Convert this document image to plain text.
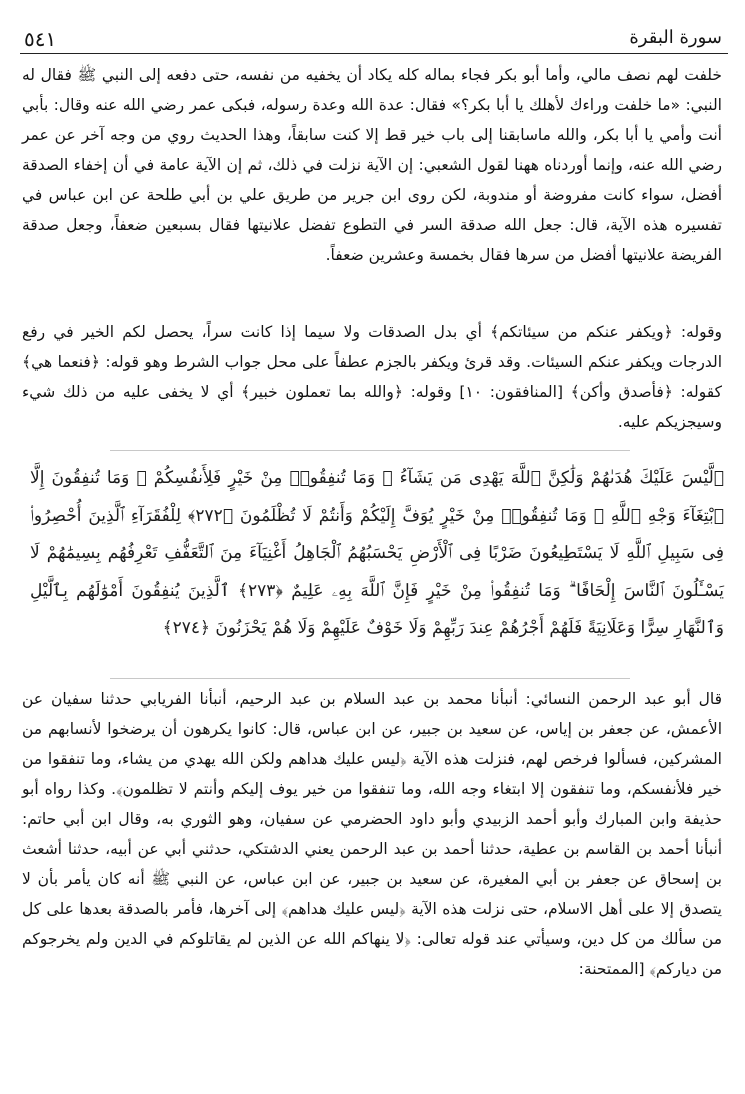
٥٤١	سورة البقرة

خلفت لهم نصف مالي، وأما أبو بكر فجاء بماله كله يكاد أن يخفيه من نفسه، حتى دفعه إلى النبي ﷺ فقال له النبي: «ما خلفت وراءك لأهلك يا أبا بكر؟» فقال: عدة الله وعدة رسوله، فبكى عمر رضي الله عنه وقال: بأبي أنت وأمي يا أبا بكر، والله ماسابقنا إلى باب خير قط إلا كنت سابقاً، وهذا الحديث روي من وجه آخر عن عمر رضي الله عنه، وإنما أوردناه ههنا لقول الشعبي: إن الآية نزلت في ذلك، ثم إن الآية عامة في أن إخفاء الصدقة أفضل، سواء كانت مفروضة أو مندوبة، لكن روى ابن جرير من طريق علي بن أبي طلحة عن ابن عباس في تفسيره هذه الآية، قال: جعل الله صدقة السر في التطوع تفضل علانيتها فقال بسبعين ضعفاً، وجعل صدقة الفريضة علانيتها أفضل من سرها فقال بخمسة وعشرين ضعفاً.

وقوله: ﴿ويكفر عنكم من سيئاتكم﴾ أي بدل الصدقات ولا سيما إذا كانت سراً، يحصل لكم الخير في رفع الدرجات ويكفر عنكم السيئات. وقد قرئ ويكفر بالجزم عطفاً على محل جواب الشرط وهو قوله: ﴿فنعما هي﴾ كقوله: ﴿فأصدق وأكن﴾ [المنافقون: ١٠] وقوله: ﴿والله بما تعملون خبير﴾ أي لا يخفى عليه من ذلك شيء وسيجزيكم عليه.

﴿لَّيْسَ عَلَيْكَ هُدَىٰهُمْ وَلَٰكِنَّ ٱللَّهَ يَهْدِى مَن يَشَآءُ ۗ وَمَا تُنفِقُوا۟ مِنْ خَيْرٍ فَلِأَنفُسِكُمْ ۚ وَمَا تُنفِقُونَ إِلَّا ٱبْتِغَآءَ وَجْهِ ٱللَّهِ ۚ وَمَا تُنفِقُوا۟ مِنْ خَيْرٍ يُوَفَّ إِلَيْكُمْ وَأَنتُمْ لَا تُظْلَمُونَ ﴿٢٧٢﴾ لِلْفُقَرَآءِ ٱلَّذِينَ أُحْصِرُوا۟ فِى سَبِيلِ ٱللَّهِ لَا يَسْتَطِيعُونَ ضَرْبًا فِى ٱلْأَرْضِ يَحْسَبُهُمُ ٱلْجَاهِلُ أَغْنِيَآءَ مِنَ ٱلتَّعَفُّفِ تَعْرِفُهُم بِسِيمَٰهُمْ لَا يَسْـَٔلُونَ ٱلنَّاسَ إِلْحَافًا ۗ وَمَا تُنفِقُوا۟ مِنْ خَيْرٍ فَإِنَّ ٱللَّهَ بِهِۦ عَلِيمٌ ﴿٢٧٣﴾ ٱلَّذِينَ يُنفِقُونَ أَمْوَٰلَهُم بِٱلَّيْلِ وَٱلنَّهَارِ سِرًّا وَعَلَانِيَةً فَلَهُمْ أَجْرُهُمْ عِندَ رَبِّهِمْ وَلَا خَوْفٌ عَلَيْهِمْ وَلَا هُمْ يَحْزَنُونَ ﴿٢٧٤﴾

قال أبو عبد الرحمن النسائي: أنبأنا محمد بن عبد السلام بن عبد الرحيم، أنبأنا الفريابي حدثنا سفيان عن الأعمش، عن جعفر بن إياس، عن سعيد بن جبير، عن ابن عباس، قال: كانوا يكرهون أن يرضخوا لأنسابهم من المشركين، فسألوا فرخص لهم، فنزلت هذه الآية ﴿ليس عليك هداهم ولكن الله يهدي من يشاء، وما تنفقوا من خير فلأنفسكم، وما تنفقون إلا ابتغاء وجه الله، وما تنفقوا من خير يوف إليكم وأنتم لا تظلمون﴾. وكذا رواه أبو حذيفة وابن المبارك وأبو أحمد الزبيدي وأبو داود الحضرمي عن سفيان، وهو الثوري به، وقال ابن أبي حاتم: أنبأنا أحمد بن القاسم بن عطية، حدثنا أحمد بن عبد الرحمن يعني الدشتكي، حدثني أبي عن أبيه، حدثنا أشعث بن إسحاق عن جعفر بن أبي المغيرة، عن سعيد بن جبير، عن ابن عباس، عن النبي ﷺ أنه كان يأمر بأن لا يتصدق إلا على أهل الاسلام، حتى نزلت هذه الآية ﴿ليس عليك هداهم﴾ إلى آخرها، فأمر بالصدقة بعدها على كل من سألك من كل دين، وسيأتي عند قوله تعالى: ﴿لا ينهاكم الله عن الذين لم يقاتلوكم في الدين ولم يخرجوكم من دياركم﴾ [الممتحنة:
